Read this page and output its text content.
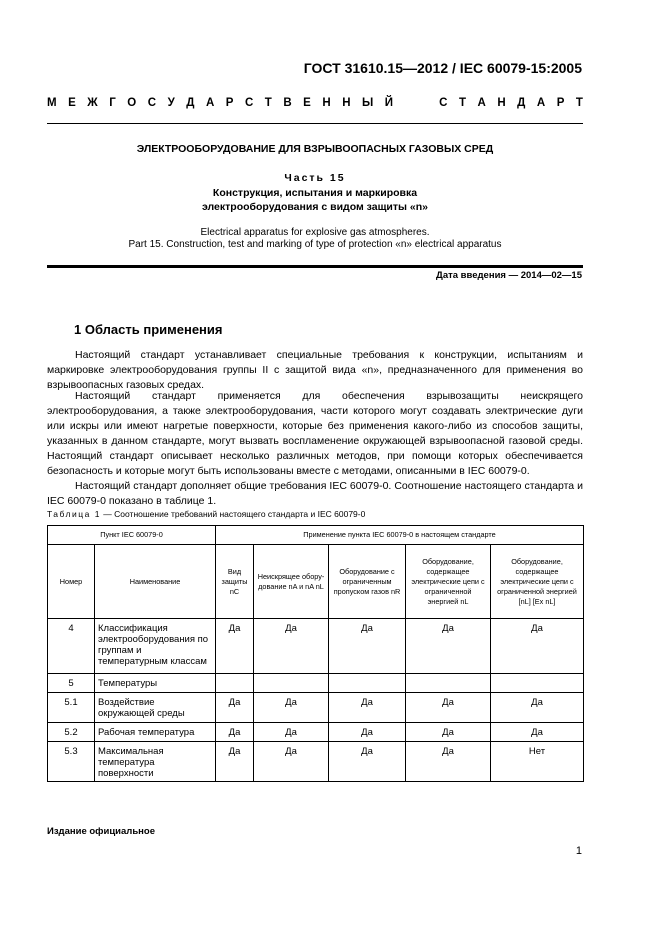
ГОСТ 31610.15—2012 / IEC 60079-15:2005
М Е Ж Г О С У Д А Р С Т В Е Н Н Ы Й	С Т А Н Д А Р Т
ЭЛЕКТРООБОРУДОВАНИЕ ДЛЯ ВЗРЫВООПАСНЫХ ГАЗОВЫХ СРЕД
Часть 15
Конструкция, испытания и маркировка
электрооборудования с видом защиты «n»
Electrical apparatus for explosive gas atmospheres.
Part 15. Construction, test and marking of type of protection «n» electrical apparatus
Дата введения — 2014—02—15
1 Область применения

Настоящий стандарт устанавливает специальные требования к конструкции, испытаниям и маркировке электрооборудования группы II с защитой вида «n», предназначенного для применения во взрывоопасных газовых средах.

Настоящий стандарт применяется для обеспечения взрывозащиты неискрящего электрооборудования, а также электрооборудования, части которого могут создавать электрические дуги или искры или имеют нагретые поверхности, которые без применения какого-либо из способов защиты, указанных в данном стандарте, могут вызвать воспламенение окружающей взрывоопасной газовой среды. Настоящий стандарт описывает несколько различных методов, при помощи которых обеспечивается безопасность и которые могут быть использованы вместе с методами, описанными в IEC 60079-0.

Настоящий стандарт дополняет общие требования IEC 60079-0. Соотношение настоящего стандарта и IEC 60079-0 показано в таблице 1.

Таблица 1 — Соотношение требований настоящего стандарта и IEC 60079-0
Пункт IEC 60079-0		Применение пункта IEC 60079-0 в настоящем стандарте				
Номер	Наименование	Вид защиты nC	Неискрящее обору-дование nA и nA nL	Оборудование с ограниченным пропуском газов nR	Оборудование, содержащее электрические цепи с ограниченной энергией nL	Оборудование, содержащее электрические цепи с ограниченной энергией [nL] [Ex nL]
4	Классификация электрооборудования по группам и температурным классам	Да	Да	Да	Да	Да
5	Температуры					
5.1	Воздействие окружающей среды	Да	Да	Да	Да	Да
5.2	Рабочая температура	Да	Да	Да	Да	Да
5.3	Максимальная температура поверхности	Да	Да	Да	Да	Нет
Издание официальное
1
